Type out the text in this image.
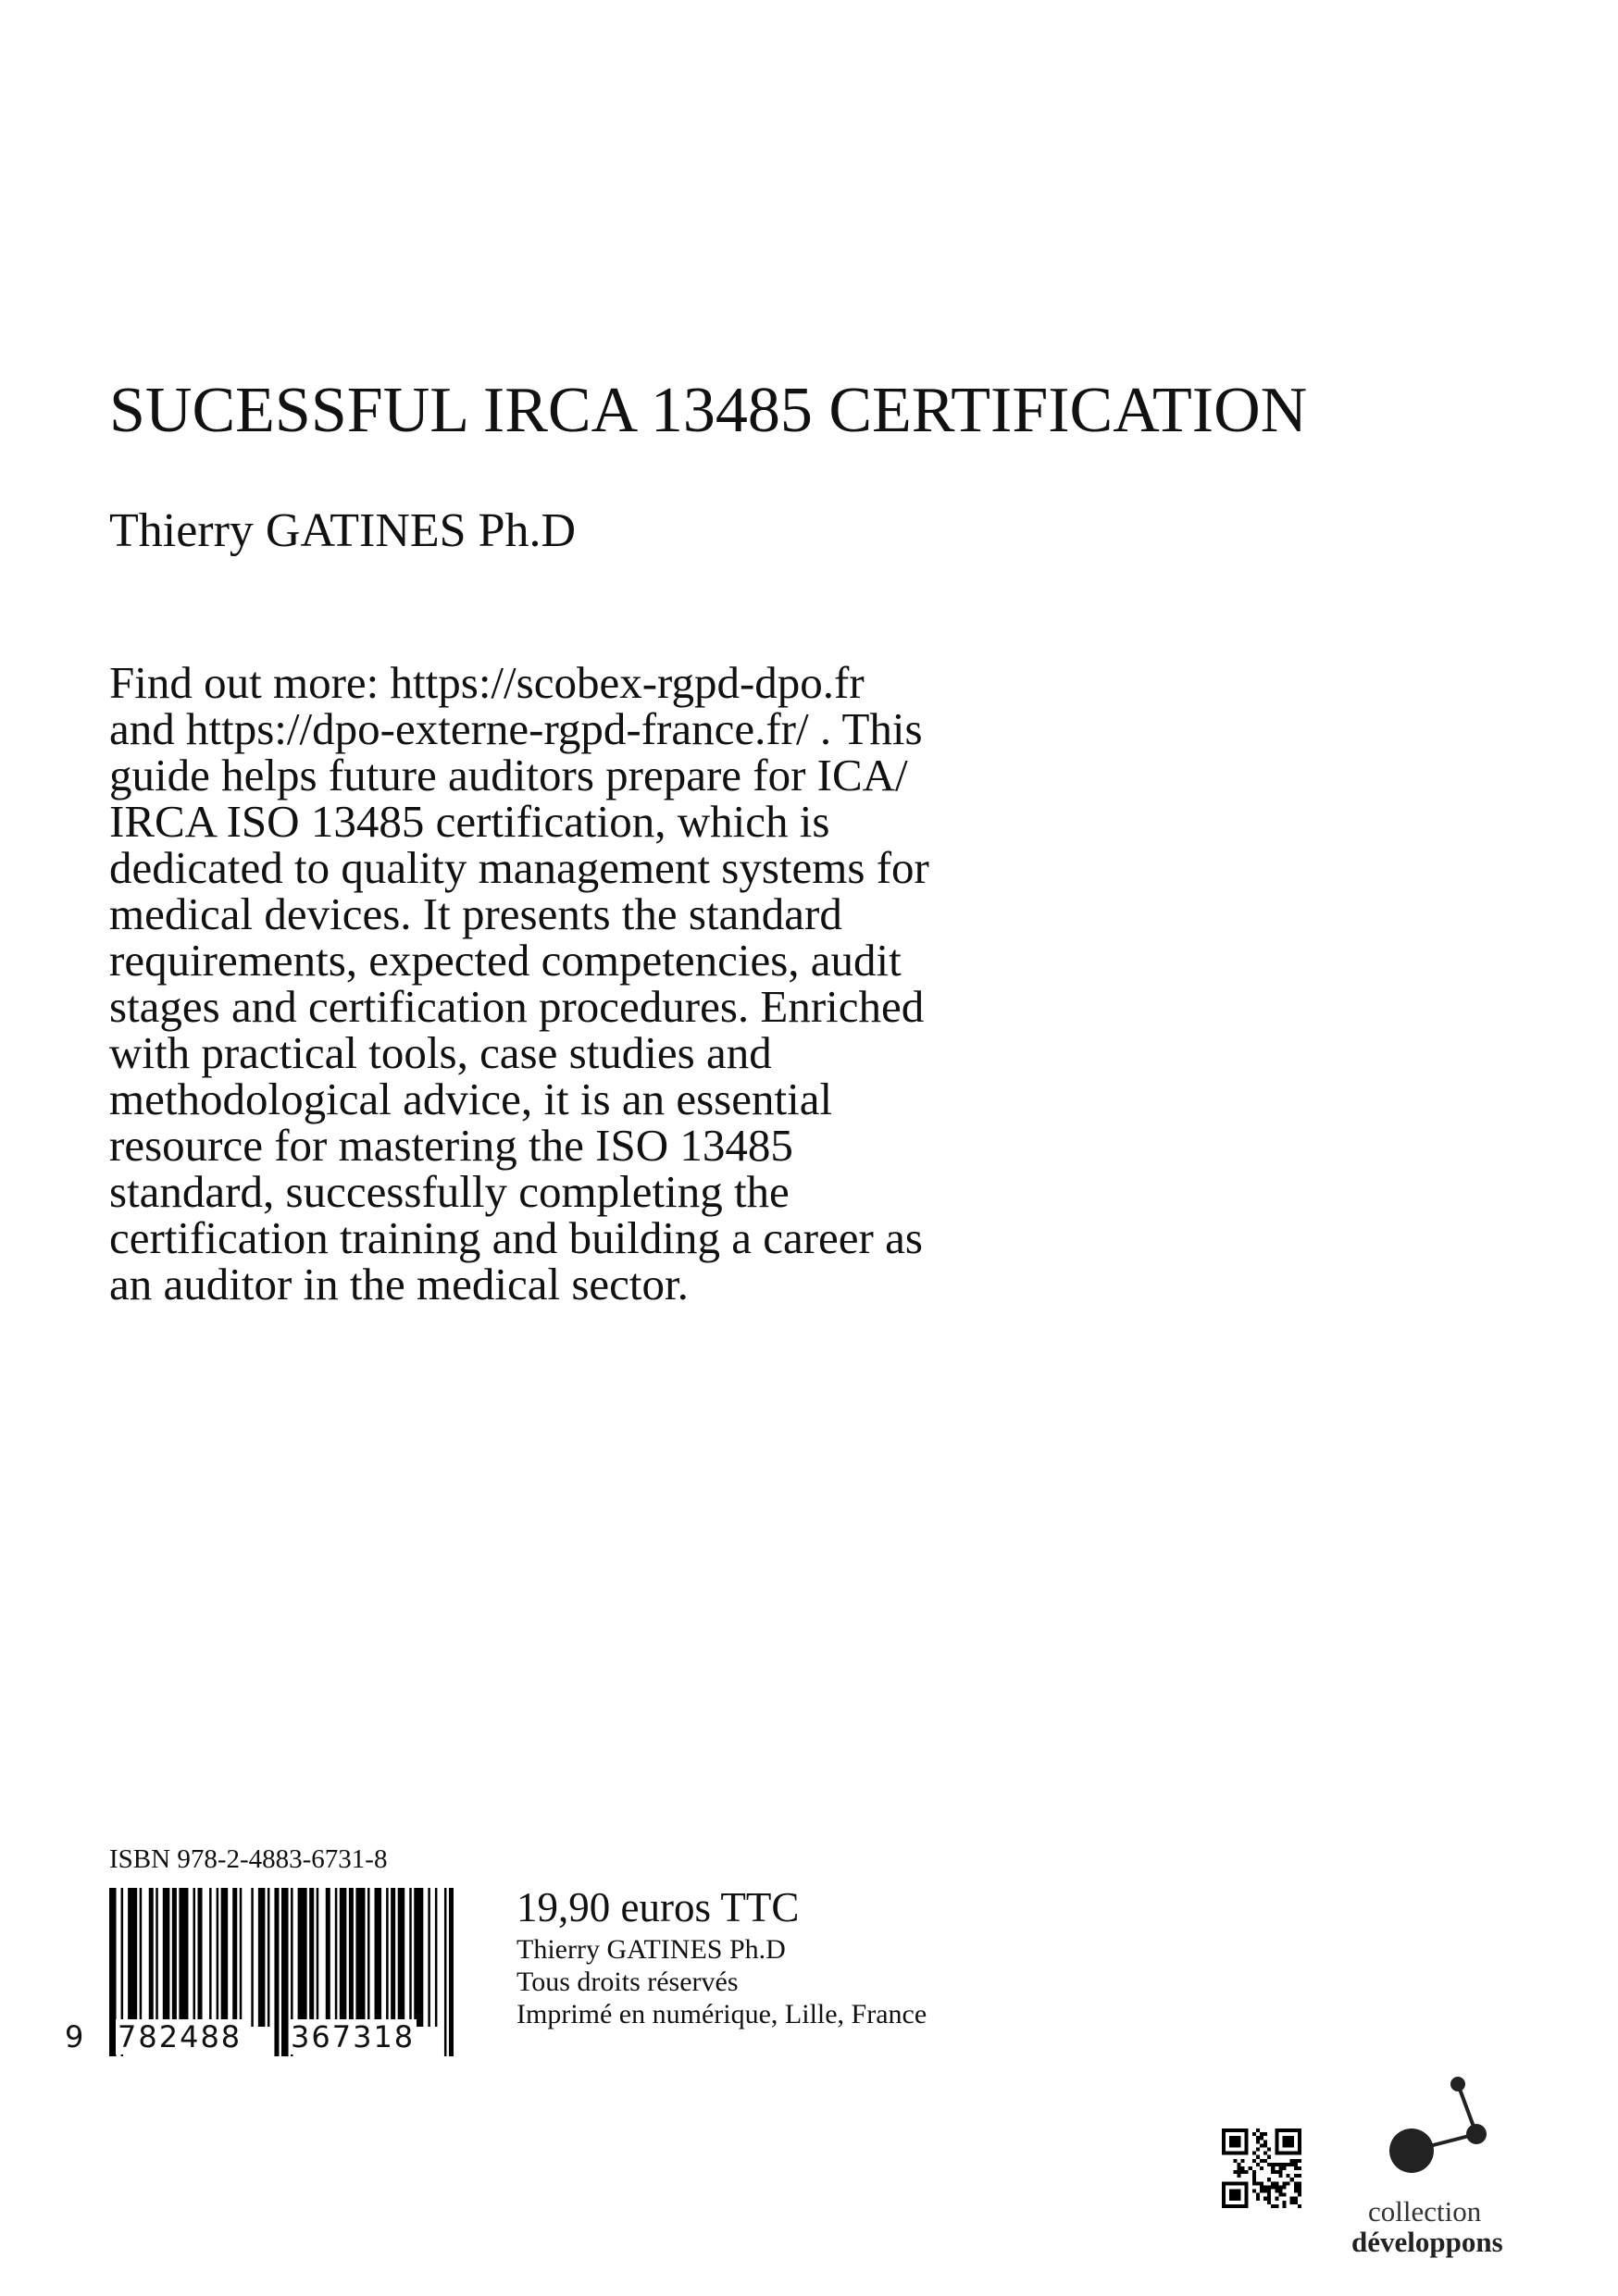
SUCESSFUL IRCA 13485 CERTIFICATION

Thierry GATINES Ph.D

Find out more: https://scobex-rgpd-dpo.fr
and https://dpo-externe-rgpd-france.fr/ . This
guide helps future auditors prepare for ICA/
IRCA ISO 13485 certification, which is
dedicated to quality management systems for
medical devices. It presents the standard
requirements, expected competencies, audit
stages and certification procedures. Enriched
with practical tools, case studies and
methodological advice, it is an essential
resource for mastering the ISO 13485
standard, successfully completing the
certification training and building a career as
an auditor in the medical sector.
ISBN 978-2-4883-6731-8
9 782488 367318
19,90 euros TTC
Thierry GATINES Ph.D
Tous droits réservés
Imprimé en numérique, Lille, France
collection
développons
